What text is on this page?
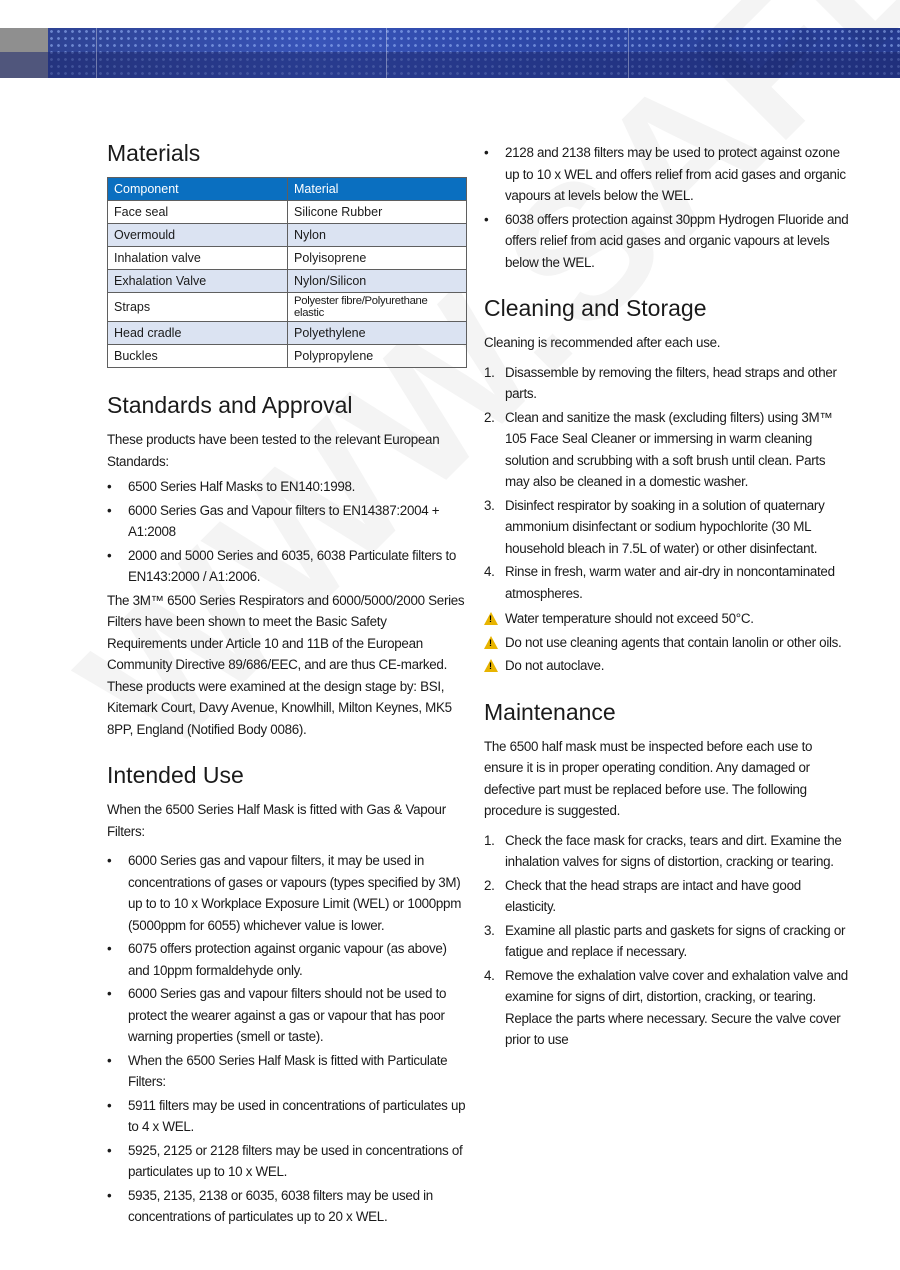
Materials
Component	Material
Face seal	Silicone Rubber
Overmould	Nylon
Inhalation valve	Polyisoprene
Exhalation Valve	Nylon/Silicon
Straps	Polyester fibre/Polyurethane elastic
Head cradle	Polyethylene
Buckles	Polypropylene
Standards and Approval

These products have been tested to the relevant European Standards:

• 6500 Series Half Masks to EN140:1998.
• 6000 Series Gas and Vapour filters to EN14387:2004 + A1:2008
• 2000 and 5000 Series and 6035, 6038 Particulate filters to EN143:2000 / A1:2006.

The 3M™ 6500 Series Respirators and 6000/5000/2000 Series Filters have been shown to meet the Basic Safety Requirements under Article 10 and 11B of the European Community Directive 89/686/EEC, and are thus CE-marked. These products were examined at the design stage by: BSI, Kitemark Court, Davy Avenue, Knowlhill, Milton Keynes, MK5 8PP, England (Notified Body 0086).

Intended Use

When the 6500 Series Half Mask is fitted with Gas & Vapour Filters:

• 6000 Series gas and vapour filters, it may be used in concentrations of gases or vapours (types specified by 3M) up to to 10 x Workplace Exposure Limit (WEL) or 1000ppm (5000ppm for 6055) whichever value is lower.
• 6075 offers protection against organic vapour (as above) and 10ppm formaldehyde only.
• 6000 Series gas and vapour filters should not be used to protect the wearer against a gas or vapour that has poor warning properties (smell or taste).
• When the 6500 Series Half Mask is fitted with Particulate Filters:
• 5911 filters may be used in concentrations of particulates up to 4 x WEL.
• 5925, 2125 or 2128 filters may be used in concentrations of particulates up to 10 x WEL.
• 5935, 2135, 2138 or 6035, 6038 filters may be used in concentrations of particulates up to 20 x WEL.
• 2128 and 2138 filters may be used to protect against ozone up to 10 x WEL and offers relief from acid gases and organic vapours at levels below the WEL.
• 6038 offers protection against 30ppm Hydrogen Fluoride and offers relief from acid gases and organic vapours at levels below the WEL.
Cleaning and Storage

Cleaning is recommended after each use.

1. Disassemble by removing the filters, head straps and other parts.
2. Clean and sanitize the mask (excluding filters) using 3M™ 105 Face Seal Cleaner or immersing in warm cleaning solution and scrubbing with a soft brush until clean. Parts may also be cleaned in a domestic washer.
3. Disinfect respirator by soaking in a solution of quaternary ammonium disinfectant or sodium hypochlorite (30 ML household bleach in 7.5L of water) or other disinfectant.
4. Rinse in fresh, warm water and air-dry in noncontaminated atmospheres.
! Water temperature should not exceed 50°C.
! Do not use cleaning agents that contain lanolin or other oils.
! Do not autoclave.
Maintenance

The 6500 half mask must be inspected before each use to ensure it is in proper operating condition. Any damaged or defective part must be replaced before use. The following procedure is suggested.

1. Check the face mask for cracks, tears and dirt. Examine the inhalation valves for signs of distortion, cracking or tearing.
2. Check that the head straps are intact and have good elasticity.
3. Examine all plastic parts and gaskets for signs of cracking or fatigue and replace if necessary.
4. Remove the exhalation valve cover and exhalation valve and examine for signs of dirt, distortion, cracking, or tearing. Replace the parts where necessary. Secure the valve cover prior to use
